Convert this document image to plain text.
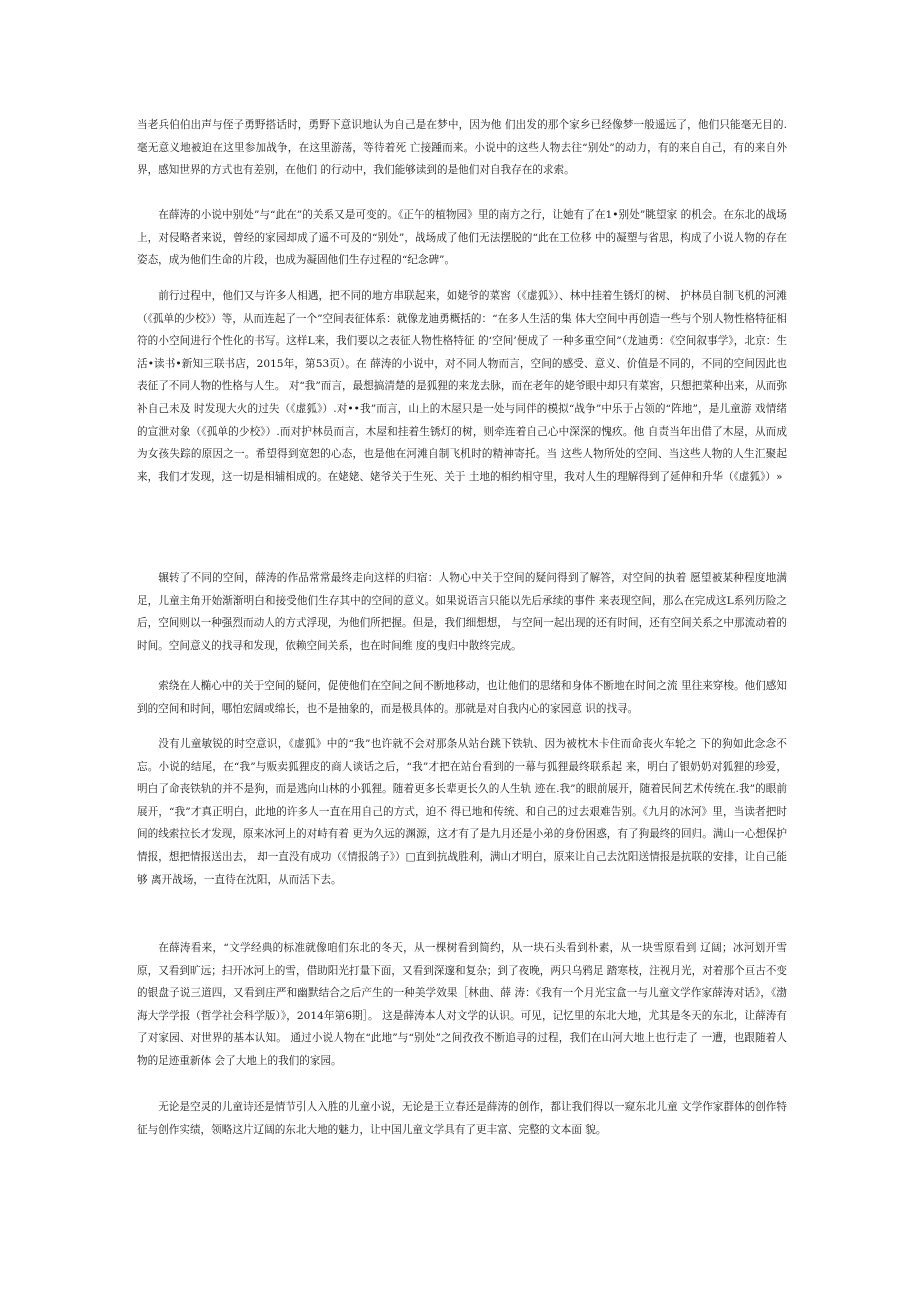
当老兵伯伯出声与侄子勇野搭话时，勇野下意识地认为自己是在梦中，因为他 们出发的那个家乡已经像梦一般遥远了，他们只能毫无目的. 毫无意义地被迫在这里参加战争，在这里游荡，等待着死 亡接踵而来。小说中的这些人物去往“别处”的动力，有的来自自己，有的来自外界，感知世界的方式也有差别，在他们 的行动中，我们能够读到的是他们对自我存在的求索。

在薛涛的小说中别处”与“此在”的关系又是可变的。《正午的植物园》里的南方之行，让她有了在1•别处”眺望家 的机会。在东北的战场上，对侵略者来说，曾经的家园却成了遥不可及的“别处”，战场成了他们无法摆脱的“此在工位移 中的凝塑与省思，构成了小说人物的存在姿态，成为他们生命的片段，也成为凝固他们生存过程的“纪念碑”。

前行过程中，他们又与许多人相遇，把不同的地方串联起来，如姥爷的菜窖（《虚狐》）、林中挂着生锈灯的树、 护林员自制飞机的河滩（《孤单的少校》）等，从而连起了一个”空间表征体系：就像龙迪勇概括的：“在多人生活的集 体大空间中再创造一些与个别人物性格特征相符的小空间进行个性化的书写。这样L来，我们要以之表征人物性格特征 的‘空间’便成了 一种多重空间”（龙迪勇：《空间叙事学》，北京：生活•读书•新知三联书店，2015年，第53页）。在 薛涛的小说中，对不同人物而言，空间的感受、意义、价值是不同的，不同的空间因此也表征了不同人物的性格与人生。 对“我”而言，最想搞清楚的是狐狸的来龙去脉，而在老年的姥爷眼中却只有菜窖，只想把菜种出来，从而弥补自己未及 时发现大火的过失（《虚狐》）.对••我”而言，山上的木屋只是一处与同伴的模拟“战争”中乐于占领的“阵地”，是儿童游 戏情绪的宣泄对象（《孤单的少校》）.而对护林员而言，木屋和挂着生锈灯的树，则牵连着自己心中深深的愧疚。他 自责当年出借了木屋，从而成为女孩失踪的原因之一。希望得到宽恕的心态，也是他在河滩自制飞机时的精神寄托。当 这些人物所处的空间、当这些人物的人生汇聚起来，我们才发现，这一切是相辅相成的。在姥姥、姥爷关于生死、关于 土地的相约相守里，我对人生的理解得到了延伸和升华（《虚狐》）»

辗转了不同的空间，薛涛的作品常常最终走向这样的归宿：人物心中关于空间的疑问得到了解答，对空间的执着 愿望被某种程度地满足，儿童主角开始渐渐明白和接受他们生存其中的空间的意义。如果说语言只能以先后承续的事件 来表现空间，那么在完成这L系列历险之后，空间则以一种强烈而动人的方式浮现，为他们所把握。但是，我们细想想， 与空间一起出现的还有时间，还有空间关系之中那流动着的时间。空间意义的找寻和发现，依赖空间关系，也在时间维 度的曳归中散终完成。

索绕在人椭心中的关于空间的疑问，促使他们在空间之间不断地移动，也让他们的思绪和身体不断地在时间之流 里往来穿梭。他们感知到的空间和时间，哪怕宏阔或绵长，也不是抽象的，而是极具体的。那就是对自我内心的家园意 识的找寻。

没有儿童敏锐的时空意识，《虚狐》中的“我”也许就不会对那条从站台跳下铁轨、因为被枕木卡住而命丧火车轮之 下的狗如此念念不忘。小说的结尾，在“我”与贩卖狐狸皮的商人谈话之后，“我”才把在站台看到的一幕与狐狸最终联系起 来，明白了银奶奶对狐狸的珍爱，明白了命丧铁轨的并不是狗，而是逃向山林的小狐狸。随着更多长辈更长久的人生轨 迹在.我”的眼前展开，随着民间艺术传统在.我”的眼前展开，“我”才真正明白，此地的许多人一直在用自己的方式，迫不 得已地和传统、和自己的过去艰难告别。《九月的冰河》里，当读者把时间的线索拉长才发现，原来冰河上的对峙有着 更为久远的渊源，这才有了是九月还是小弟的身份困惑，有了狗最终的回归。满山一心想保护情报，想把情报送出去， 却一直没有成功（《情报鸽子》）□直到抗战胜利，满山才明白，原来让自己去沈阳送情报是抗联的安排，让自己能够 离开战场，一直待在沈阳，从而活下去。

在薛涛看来，“文学经典的标准就像咱们东北的冬天，从一棵树看到简约，从一块石头看到朴素，从一块雪原看到 辽阔；冰河划开雪原，又看到旷远；扫开冰河上的雪，借助阳光打量下面，又看到深邃和复杂；到了夜晚，两只乌鸦足 踏寒枝，注视月光，对着那个亘古不变的银盘子说三道四，又看到庄严和幽默结合之后产生的一种美学效果［林曲、薛 涛：《我有一个月光宝盒一与儿童文学作家薛涛对话》，《渤海大学学报（哲学社会科学版）》，2014年第6期］。 这是薛涛本人对文学的认识。可见，记忆里的东北大地，尤其是冬天的东北，让薛涛有了对家园、对世界的基本认知。 通过小说人物在“此地”与“别处”之间孜孜不断追寻的过程，我们在山河大地上也行走了 一遭，也跟随着人物的足迹重新体 会了大地上的我们的家园。

无论是空灵的儿童诗还是情节引人入胜的儿童小说，无论是王立春还是薛涛的创作，都让我们得以一窥东北儿童 文学作家群体的创作特征与创作实绩，领略这片辽阔的东北大地的魅力，让中国儿童文学具有了更丰富、完整的文本面 貌。
